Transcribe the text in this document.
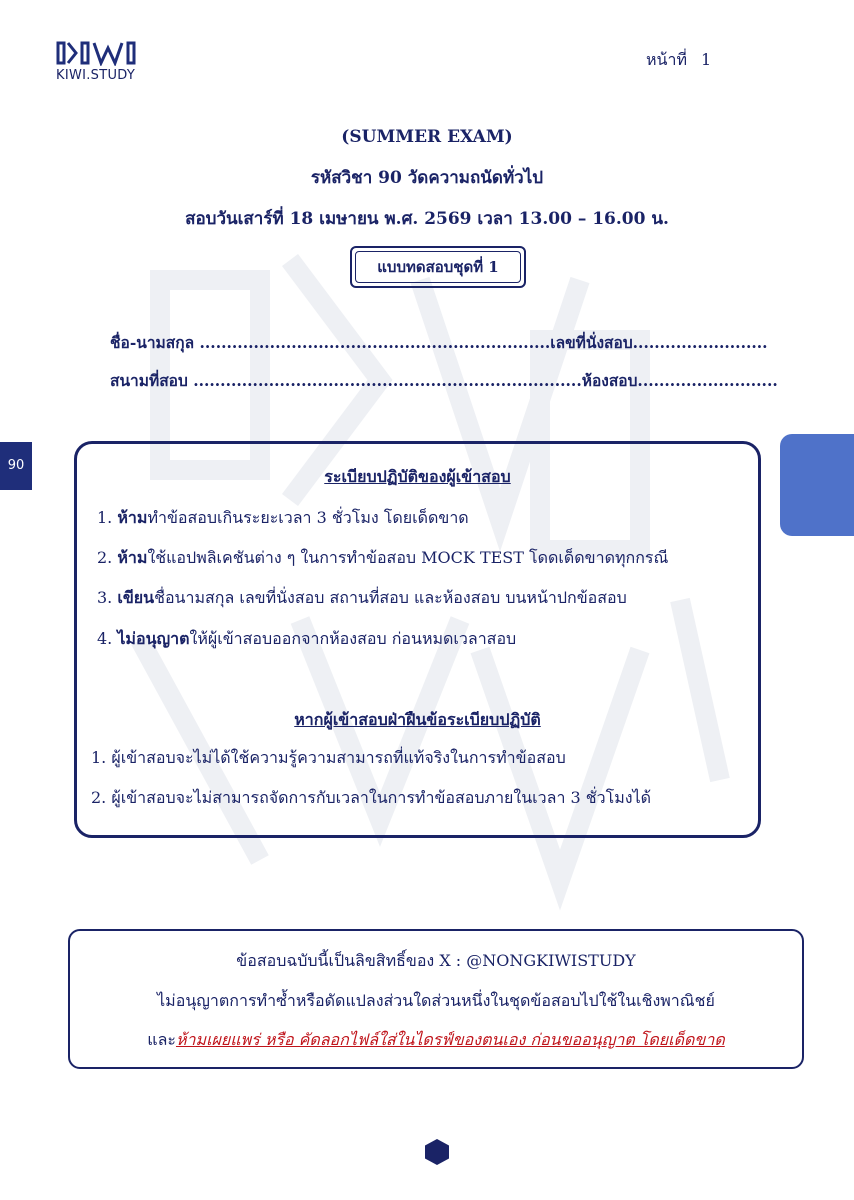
KIWI.STUDY
หน้าที่ 1
(SUMMER EXAM)
รหัสวิชา 90 วัดความถนัดทั่วไป
สอบวันเสาร์ที่ 18 เมษายน พ.ศ. 2569 เวลา 13.00 – 16.00 น.
แบบทดสอบชุดที่ 1
ชื่อ-นามสกุล .................................................................เลขที่นั่งสอบ.........................
สนามที่สอบ ........................................................................ห้องสอบ..........................
90
ระเบียบปฏิบัติของผู้เข้าสอบ
1. ห้ามทำข้อสอบเกินระยะเวลา 3 ชั่วโมง โดยเด็ดขาด
2. ห้ามใช้แอปพลิเคชันต่าง ๆ ในการทำข้อสอบ MOCK TEST โดดเด็ดขาดทุกกรณี
3. เขียนชื่อนามสกุล เลขที่นั่งสอบ สถานที่สอบ และห้องสอบ บนหน้าปกข้อสอบ
4. ไม่อนุญาตให้ผู้เข้าสอบออกจากห้องสอบ ก่อนหมดเวลาสอบ
หากผู้เข้าสอบฝ่าฝืนข้อระเบียบปฏิบัติ
1. ผู้เข้าสอบจะไม่ได้ใช้ความรู้ความสามารถที่แท้จริงในการทำข้อสอบ
2. ผู้เข้าสอบจะไม่สามารถจัดการกับเวลาในการทำข้อสอบภายในเวลา 3 ชั่วโมงได้
ข้อสอบฉบับนี้เป็นลิขสิทธิ์ของ X : @NONGKIWISTUDY
ไม่อนุญาตการทำซ้ำหรือดัดแปลงส่วนใดส่วนหนึ่งในชุดข้อสอบไปใช้ในเชิงพาณิชย์
และห้ามเผยแพร่ หรือ คัดลอกไฟล์ใส่ในไดรฟ์ของตนเอง ก่อนขออนุญาต โดยเด็ดขาด
